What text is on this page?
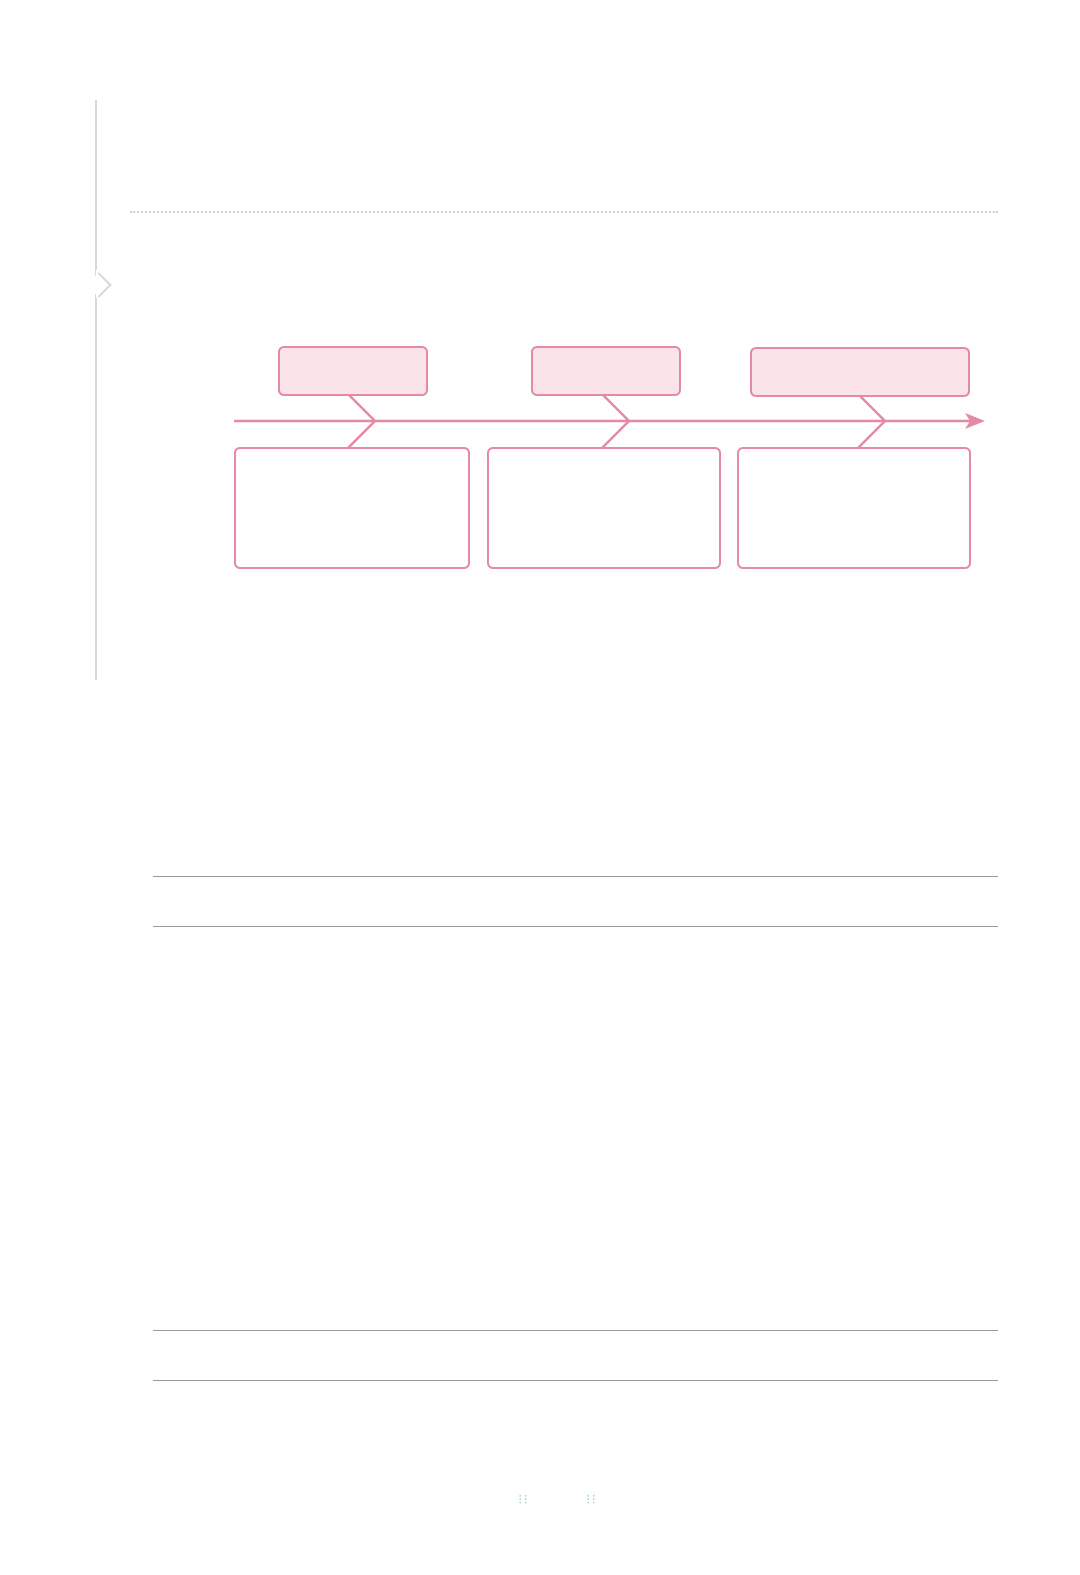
⁝⁝	⁝⁝
